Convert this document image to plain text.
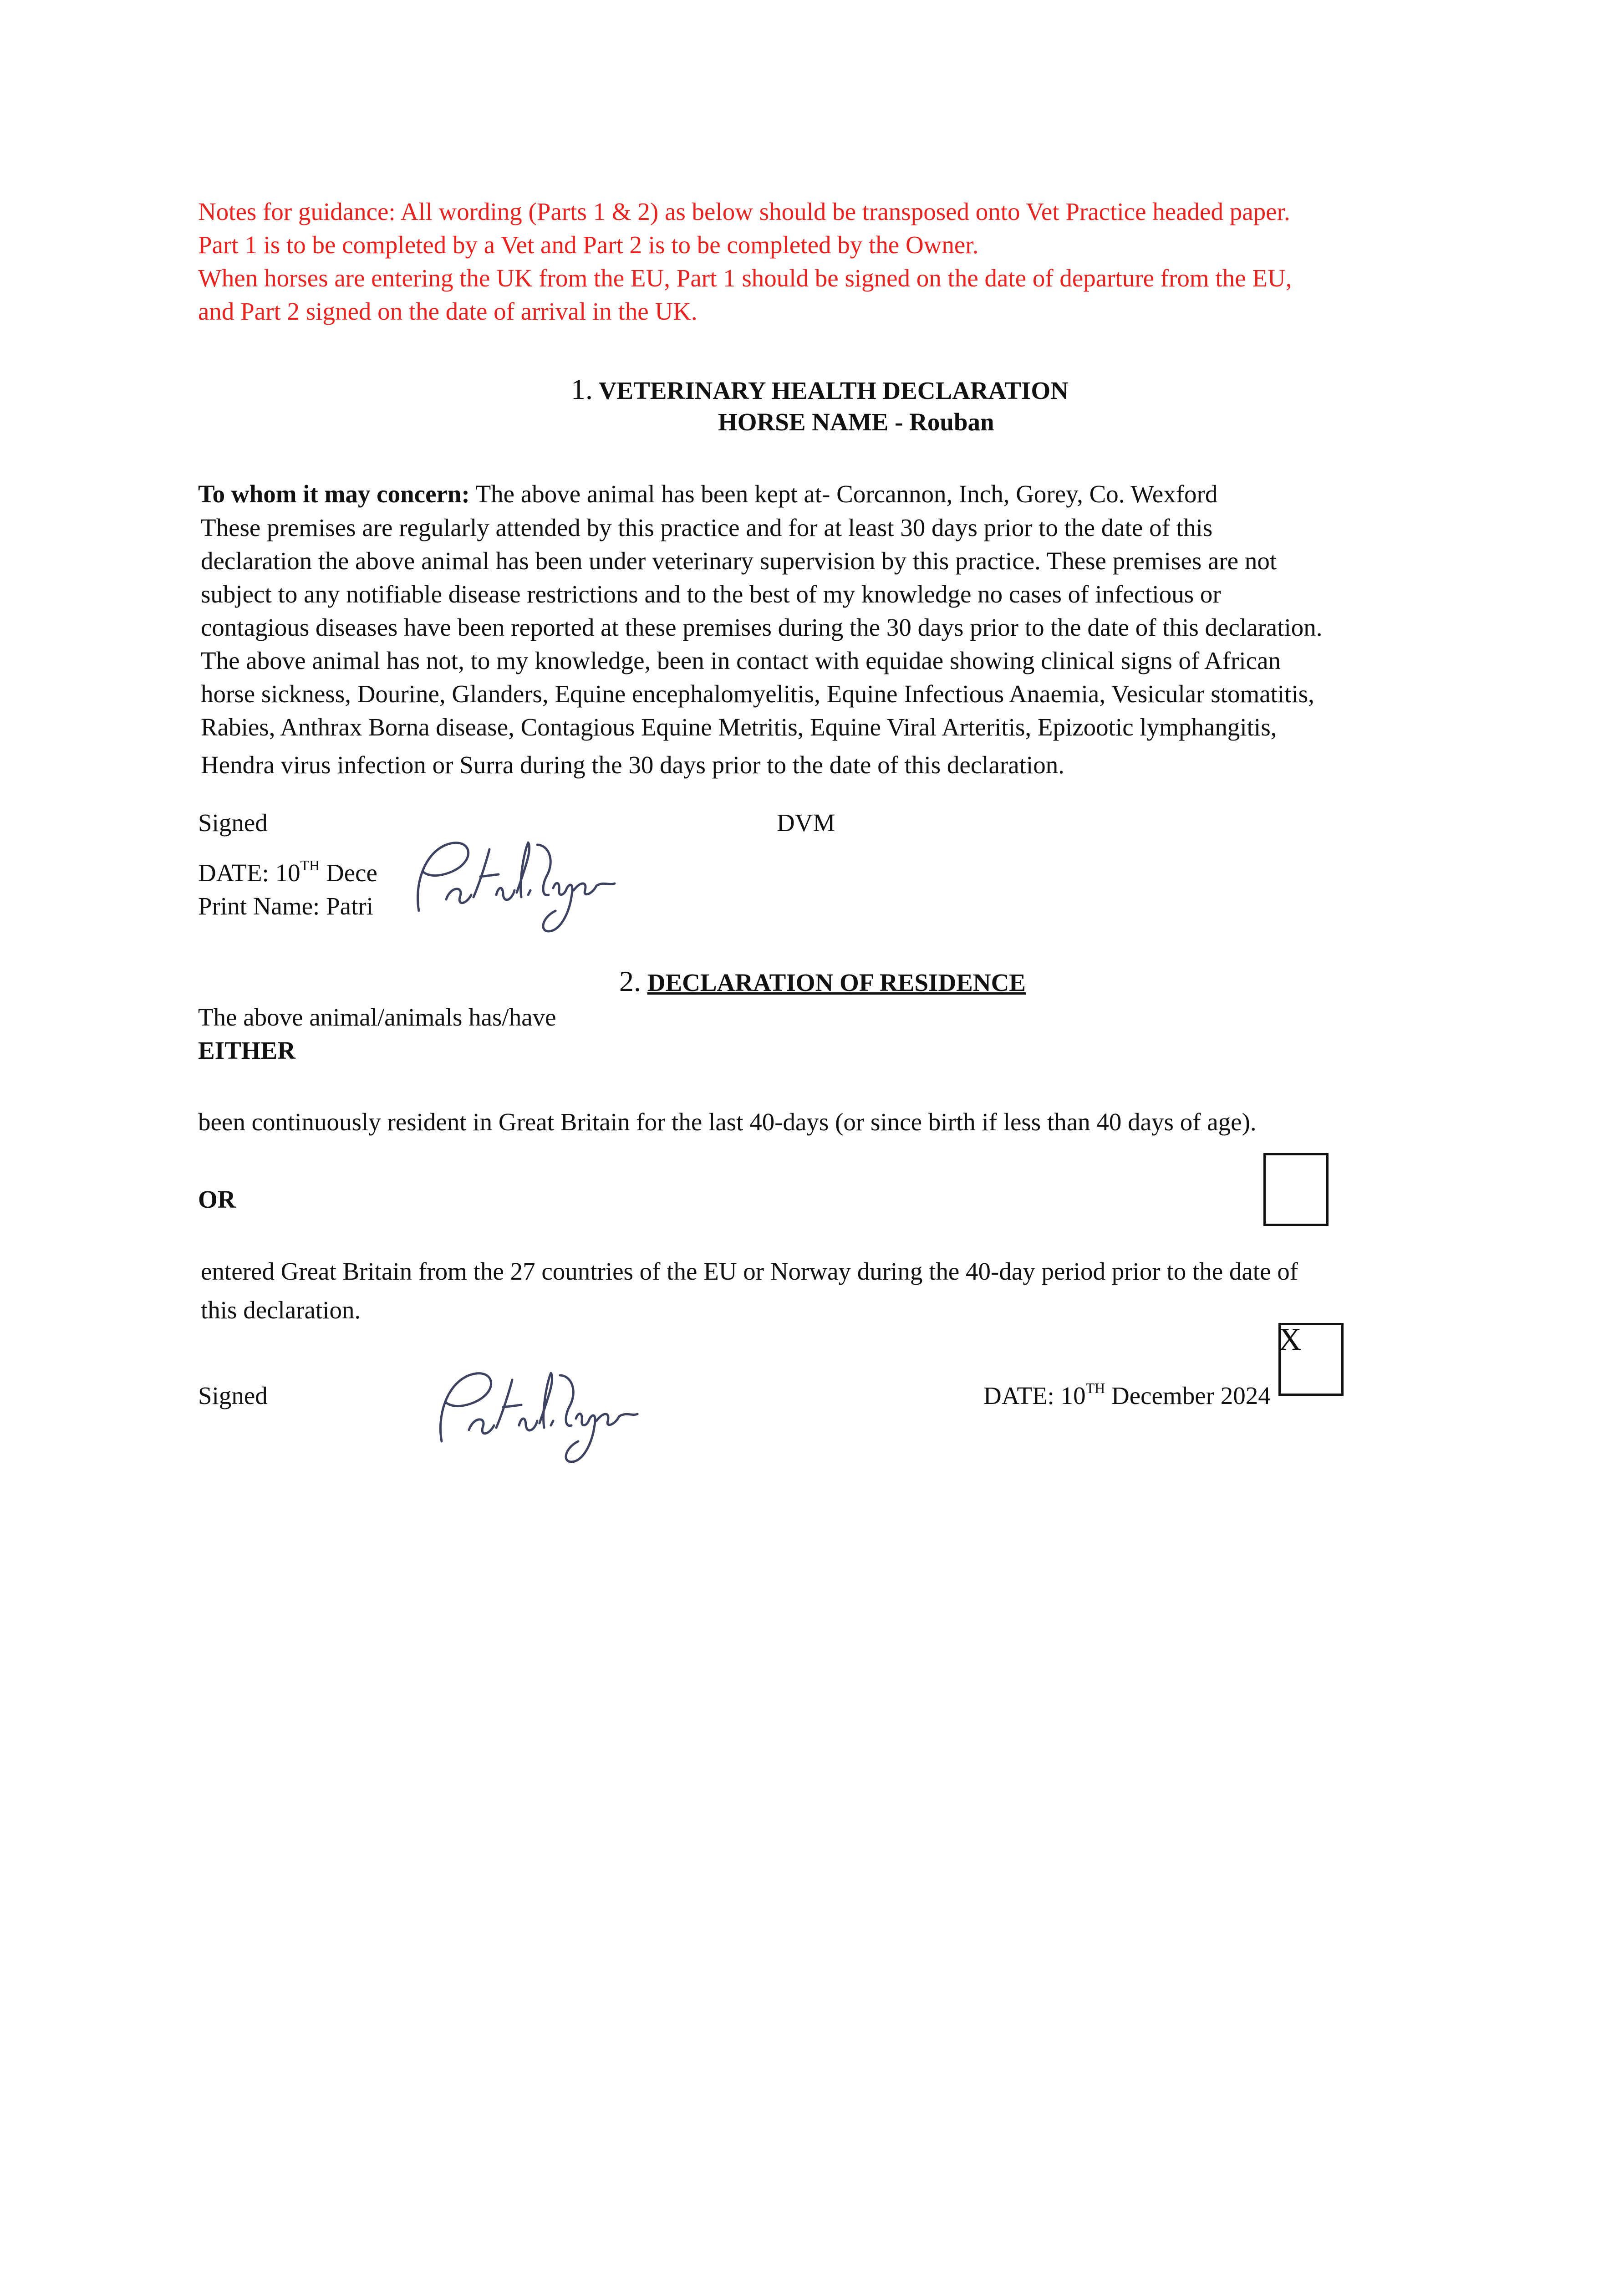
Notes for guidance: All wording (Parts 1 & 2) as below should be transposed onto Vet Practice headed paper.
Part 1 is to be completed by a Vet and Part 2 is to be completed by the Owner.
When horses are entering the UK from the EU, Part 1 should be signed on the date of departure from the EU,
and Part 2 signed on the date of arrival in the UK.
1. VETERINARY HEALTH DECLARATION
HORSE NAME - Rouban
To whom it may concern: The above animal has been kept at- Corcannon, Inch, Gorey, Co. Wexford
These premises are regularly attended by this practice and for at least 30 days prior to the date of this
declaration the above animal has been under veterinary supervision by this practice. These premises are not
subject to any notifiable disease restrictions and to the best of my knowledge no cases of infectious or
contagious diseases have been reported at these premises during the 30 days prior to the date of this declaration.
The above animal has not, to my knowledge, been in contact with equidae showing clinical signs of African
horse sickness, Dourine, Glanders, Equine encephalomyelitis, Equine Infectious Anaemia, Vesicular stomatitis,
Rabies, Anthrax Borna disease, Contagious Equine Metritis, Equine Viral Arteritis, Epizootic lymphangitis,
Hendra virus infection or Surra during the 30 days prior to the date of this declaration.
Signed	DVM
DATE: 10TH Dece
Print Name: Patri
2. DECLARATION OF RESIDENCE
The above animal/animals has/have
EITHER
been continuously resident in Great Britain for the last 40-days (or since birth if less than 40 days of age).
OR
entered Great Britain from the 27 countries of the EU or Norway during the 40-day period prior to the date of
this declaration.
X
Signed	DATE: 10TH December 2024
